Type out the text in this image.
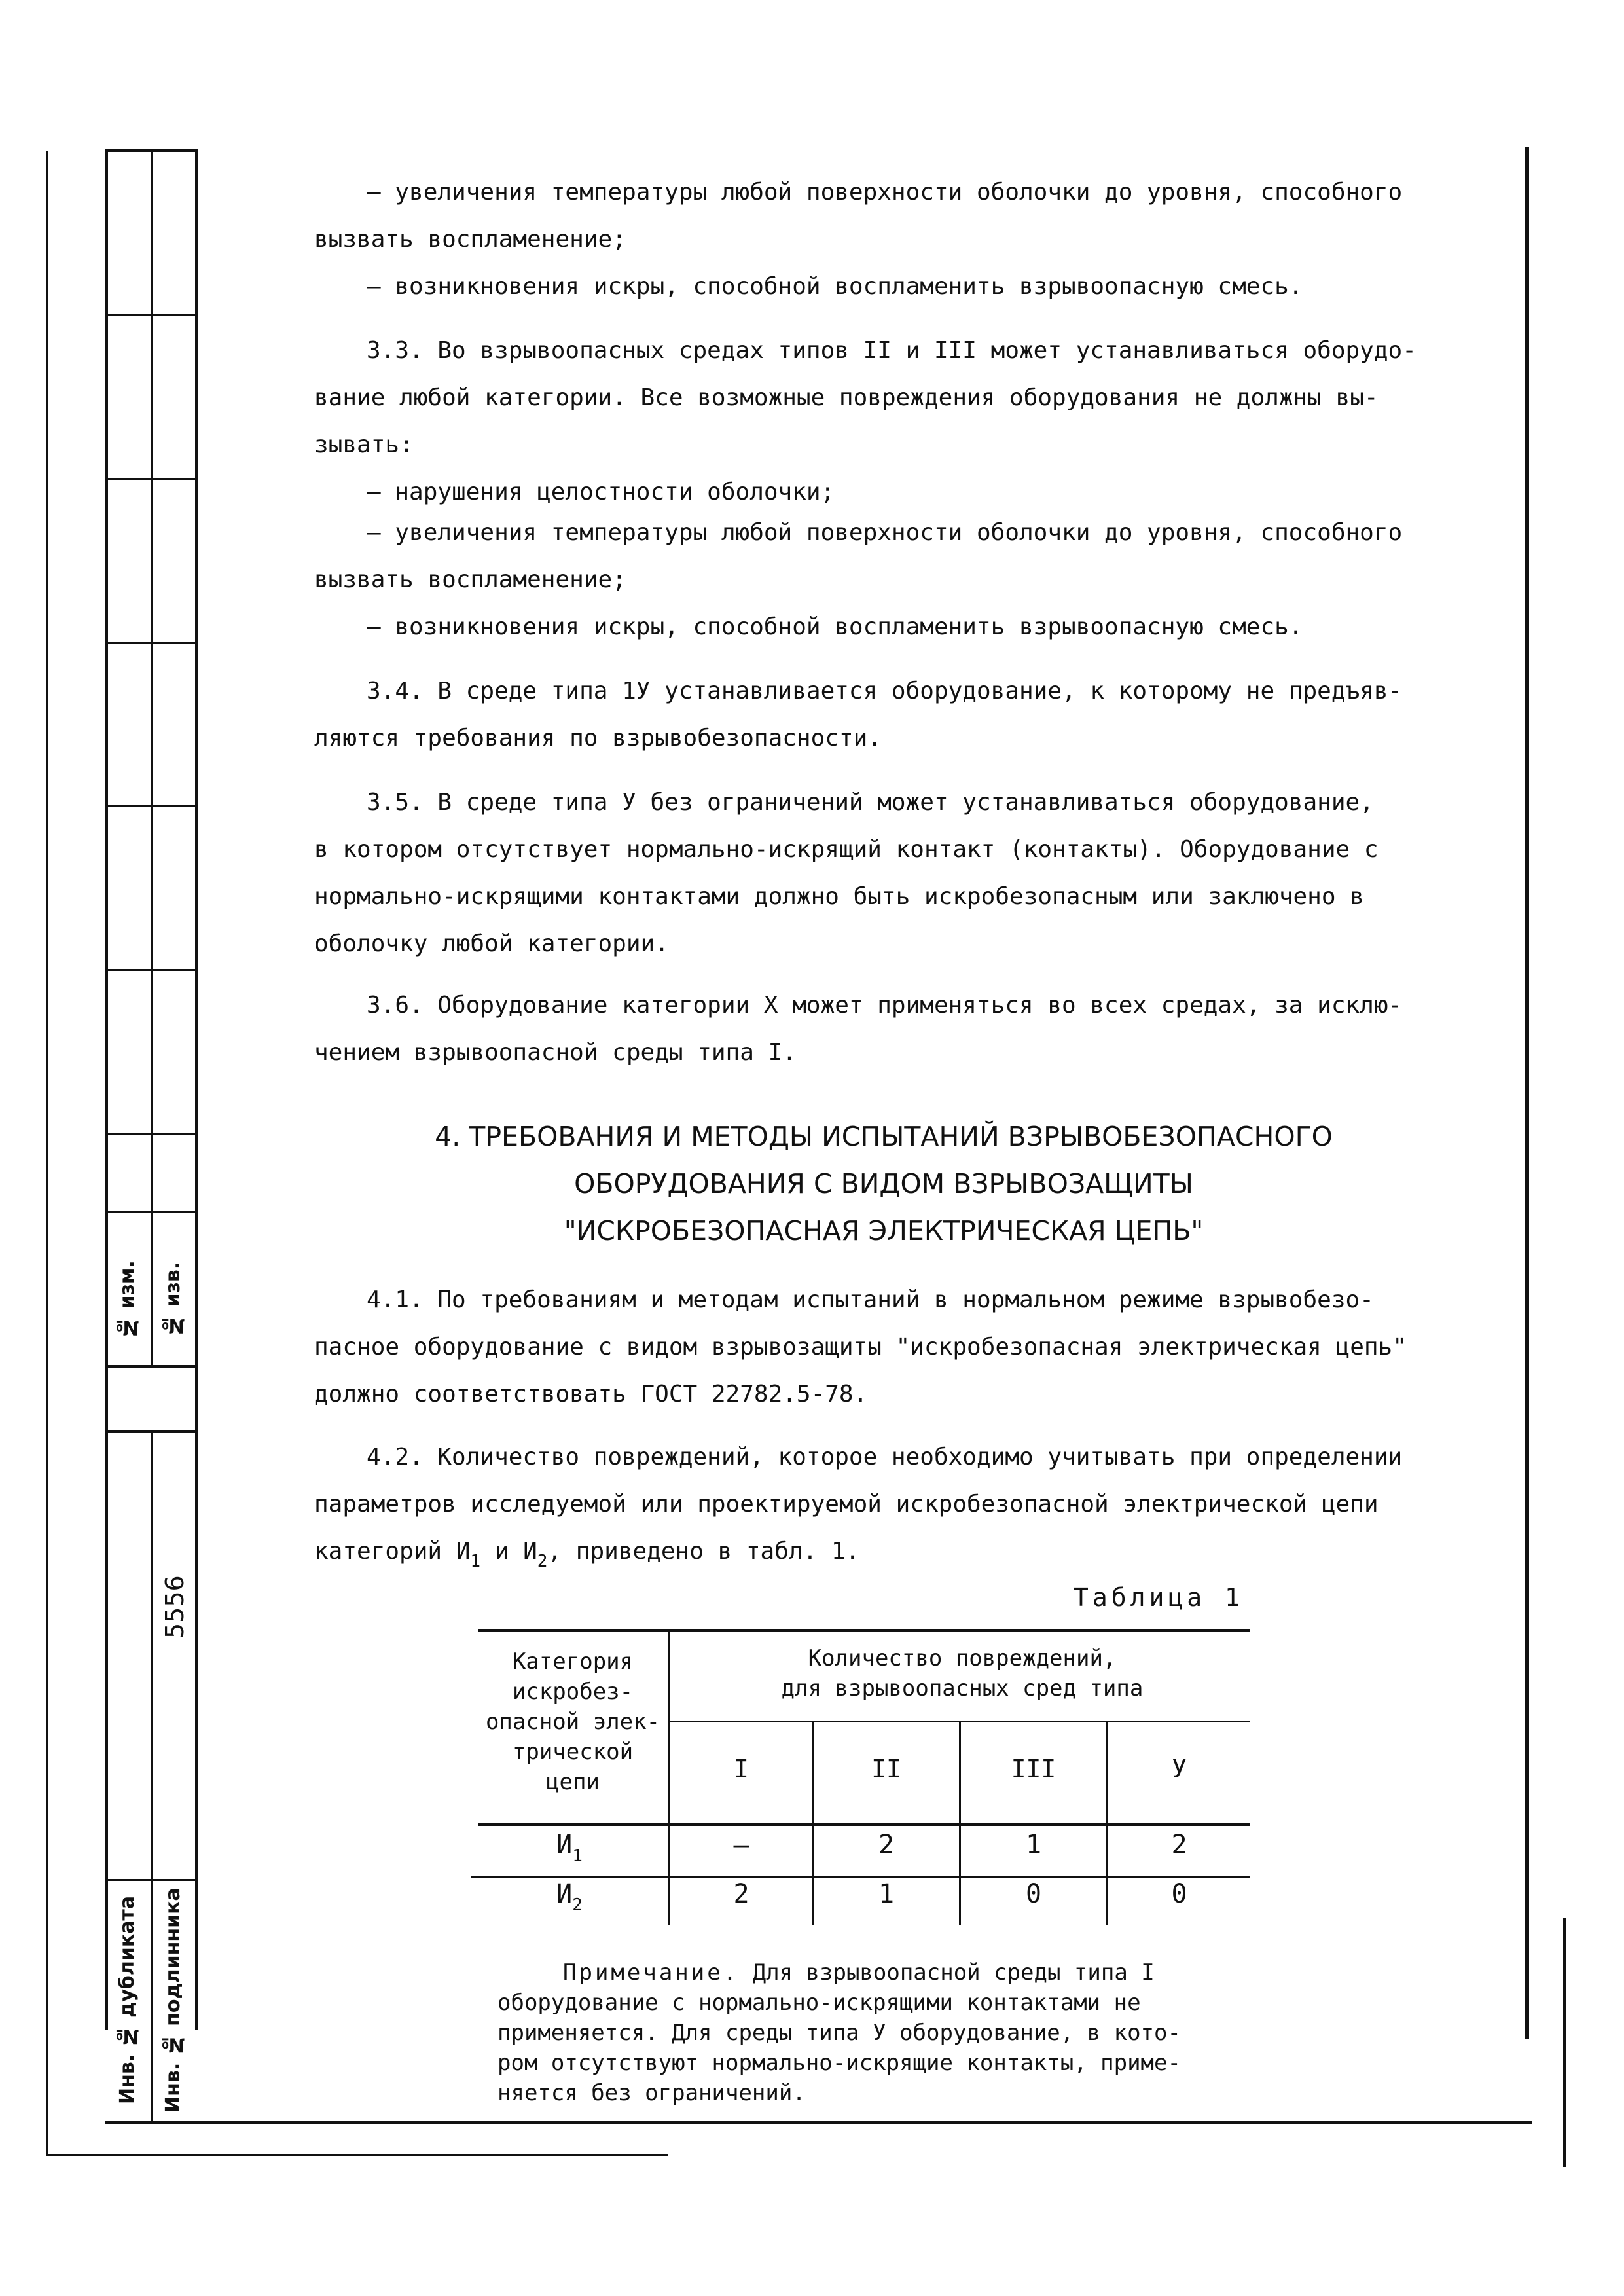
№ изм. № изв.
5556
Инв. № дубликата Инв. № подлинника
– увеличения температуры любой поверхности оболочки до уровня, способного
вызвать воспламенение;
– возникновения искры, способной воспламенить взрывоопасную смесь.
3.3. Во взрывоопасных средах типов II и III может устанавливаться оборудо-
вание любой категории. Все возможные повреждения оборудования не должны вы-
зывать:
– нарушения целостности оболочки;
– увеличения температуры любой поверхности оболочки до уровня, способного
вызвать воспламенение;
– возникновения искры, способной воспламенить взрывоопасную смесь.
3.4. В среде типа 1У устанавливается оборудование, к которому не предъяв-
ляются требования по взрывобезопасности.
3.5. В среде типа У без ограничений может устанавливаться оборудование,
в котором отсутствует нормально-искрящий контакт (контакты). Оборудование с
нормально-искрящими контактами должно быть искробезопасным или заключено в
оболочку любой категории.
3.6. Оборудование категории Х может применяться во всех средах, за исклю-
чением взрывоопасной среды типа I.
4. ТРЕБОВАНИЯ И МЕТОДЫ ИСПЫТАНИЙ ВЗРЫВОБЕЗОПАСНОГО
ОБОРУДОВАНИЯ С ВИДОМ ВЗРЫВОЗАЩИТЫ
"ИСКРОБЕЗОПАСНАЯ ЭЛЕКТРИЧЕСКАЯ ЦЕПЬ"
4.1. По требованиям и методам испытаний в нормальном режиме взрывобезо-
пасное оборудование с видом взрывозащиты "искробезопасная электрическая цепь"
должно соответствовать ГОСТ 22782.5-78.
4.2. Количество повреждений, которое необходимо учитывать при определении
параметров исследуемой или проектируемой искробезопасной электрической цепи
категорий $И_1$ и $И_2$, приведено в табл. 1.
Таблица 1
Категория
искробез-
опасной элек-
трической
цепи
Количество повреждений,
для взрывоопасных сред типа
I	II	III	У
$И_1$	–	2	1	2
$И_2$	2	1	0	0
Примечание. Для взрывоопасной среды типа I
оборудование с нормально-искрящими контактами не
применяется. Для среды типа У оборудование, в кото-
ром отсутствуют нормально-искрящие контакты, приме-
няется без ограничений.
